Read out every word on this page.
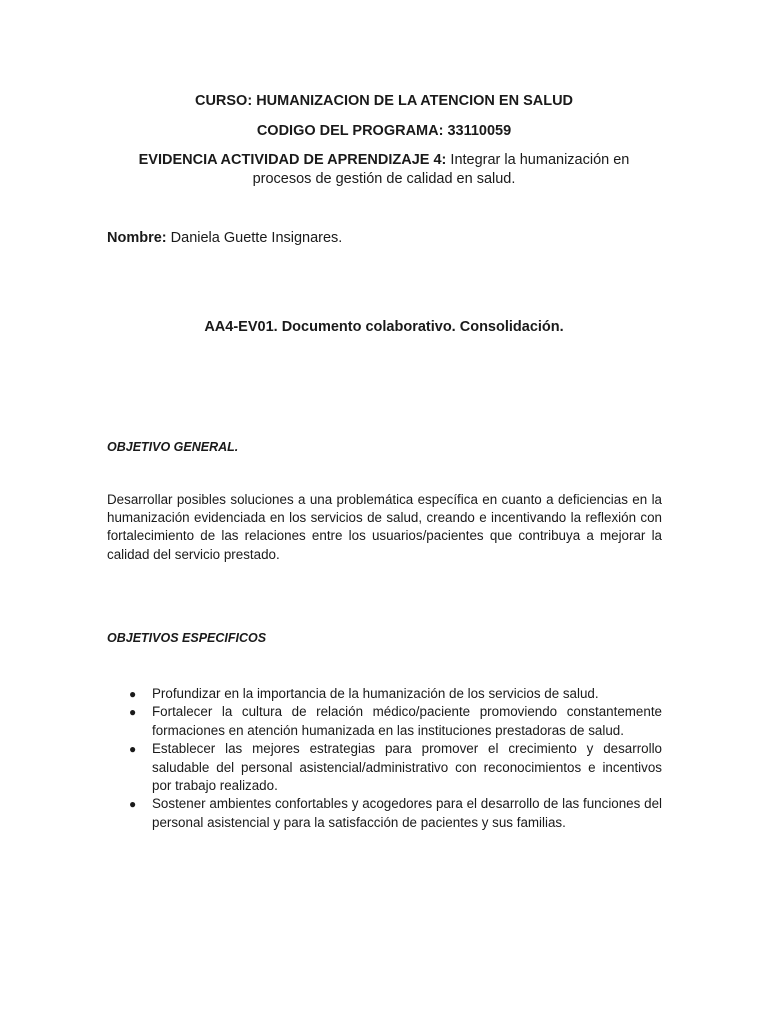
CURSO: HUMANIZACION DE LA ATENCION EN SALUD
CODIGO DEL PROGRAMA: 33110059
EVIDENCIA ACTIVIDAD DE APRENDIZAJE 4: Integrar la humanización en
procesos de gestión de calidad en salud.
Nombre: Daniela Guette Insignares.
AA4-EV01. Documento colaborativo. Consolidación.
OBJETIVO GENERAL.
Desarrollar posibles soluciones a una problemática específica en cuanto a deficiencias en la humanización evidenciada en los servicios de salud, creando e incentivando la reflexión con fortalecimiento de las relaciones entre los usuarios/pacientes que contribuya a mejorar la calidad del servicio prestado.
OBJETIVOS ESPECIFICOS
● Profundizar en la importancia de la humanización de los servicios de salud.
● Fortalecer la cultura de relación médico/paciente promoviendo constantemente formaciones en atención humanizada en las instituciones prestadoras de salud.
● Establecer las mejores estrategias para promover el crecimiento y desarrollo saludable del personal asistencial/administrativo con reconocimientos e incentivos por trabajo realizado.
● Sostener ambientes confortables y acogedores para el desarrollo de las funciones del personal asistencial y para la satisfacción de pacientes y sus familias.
